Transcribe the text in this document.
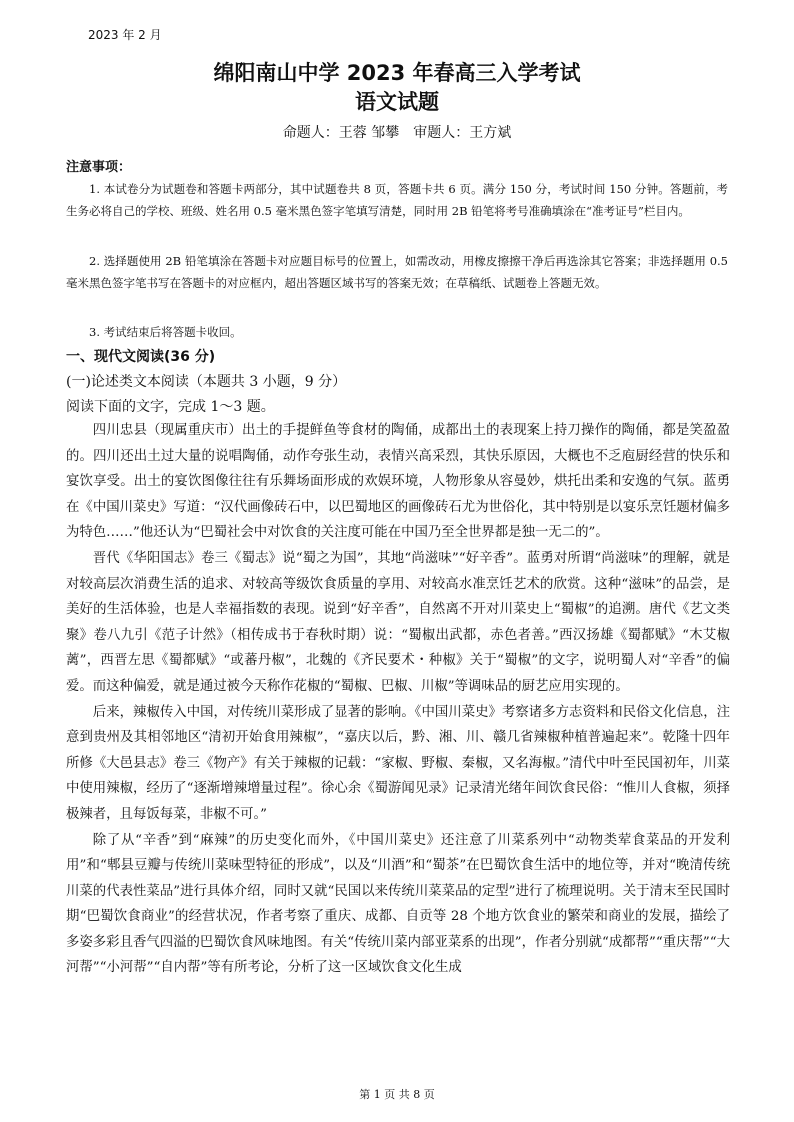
2023 年 2 月
绵阳南山中学 2023 年春高三入学考试
语文试题
命题人：王蓉 邹攀　审题人：王方斌
注意事项：

1. 本试卷分为试题卷和答题卡两部分，其中试题卷共 8 页，答题卡共 6 页。满分 150 分，考试时间 150 分钟。答题前，考生务必将自己的学校、班级、姓名用 0.5 毫米黑色签字笔填写清楚，同时用 2B 铅笔将考号准确填涂在“准考证号”栏目内。

2. 选择题使用 2B 铅笔填涂在答题卡对应题目标号的位置上，如需改动，用橡皮擦擦干净后再选涂其它答案；非选择题用 0.5 毫米黑色签字笔书写在答题卡的对应框内，超出答题区域书写的答案无效；在草稿纸、试题卷上答题无效。

3. 考试结束后将答题卡收回。

一、现代文阅读(36 分)
(一)论述类文本阅读（本题共 3 小题，9 分）
阅读下面的文字，完成 1～3 题。

四川忠县（现属重庆市）出土的手提鲜鱼等食材的陶俑，成都出土的表现案上持刀操作的陶俑，都是笑盈盈的。四川还出土过大量的说唱陶俑，动作夸张生动，表情兴高采烈，其快乐原因，大概也不乏庖厨经营的快乐和宴饮享受。出土的宴饮图像往往有乐舞场面形成的欢娱环境，人物形象从容曼妙，烘托出柔和安逸的气氛。蓝勇在《中国川菜史》写道：“汉代画像砖石中，以巴蜀地区的画像砖石尤为世俗化，其中特别是以宴乐烹饪题材偏多为特色……”他还认为“巴蜀社会中对饮食的关注度可能在中国乃至全世界都是独一无二的”。

晋代《华阳国志》卷三《蜀志》说“蜀之为国”，其地“尚滋味”“好辛香”。蓝勇对所谓“尚滋味”的理解，就是对较高层次消费生活的追求、对较高等级饮食质量的享用、对较高水准烹饪艺术的欣赏。这种“滋味”的品尝，是美好的生活体验，也是人幸福指数的表现。说到“好辛香”，自然离不开对川菜史上“蜀椒”的追溯。唐代《艺文类聚》卷八九引《范子计然》（相传成书于春秋时期）说：“蜀椒出武都，赤色者善。”西汉扬雄《蜀都赋》“木艾椒蓠”，西晋左思《蜀都赋》“或蕃丹椒”，北魏的《齐民要术・种椒》关于“蜀椒”的文字，说明蜀人对“辛香”的偏爱。而这种偏爱，就是通过被今天称作花椒的“蜀椒、巴椒、川椒”等调味品的厨艺应用实现的。

后来，辣椒传入中国，对传统川菜形成了显著的影响。《中国川菜史》考察诸多方志资料和民俗文化信息，注意到贵州及其相邻地区“清初开始食用辣椒”，“嘉庆以后，黔、湘、川、赣几省辣椒种植普遍起来”。乾隆十四年所修《大邑县志》卷三《物产》有关于辣椒的记载：“家椒、野椒、秦椒，又名海椒。”清代中叶至民国初年，川菜中使用辣椒，经历了“逐渐增辣增量过程”。徐心余《蜀游闻见录》记录清光绪年间饮食民俗：“惟川人食椒，须择极辣者，且每饭每菜，非椒不可。”

除了从“辛香”到“麻辣”的历史变化而外，《中国川菜史》还注意了川菜系列中“动物类荤食菜品的开发利用”和“郫县豆瓣与传统川菜味型特征的形成”，以及“川酒”和“蜀茶”在巴蜀饮食生活中的地位等，并对“晚清传统川菜的代表性菜品”进行具体介绍，同时又就“民国以来传统川菜菜品的定型”进行了梳理说明。关于清末至民国时期“巴蜀饮食商业”的经营状况，作者考察了重庆、成都、自贡等 28 个地方饮食业的繁荣和商业的发展，描绘了多姿多彩且香气四溢的巴蜀饮食风味地图。有关“传统川菜内部亚菜系的出现”，作者分别就“成都帮”“重庆帮”“大河帮”“小河帮”“自内帮”等有所考论，分析了这一区域饮食文化生成

第 1 页 共 8 页
